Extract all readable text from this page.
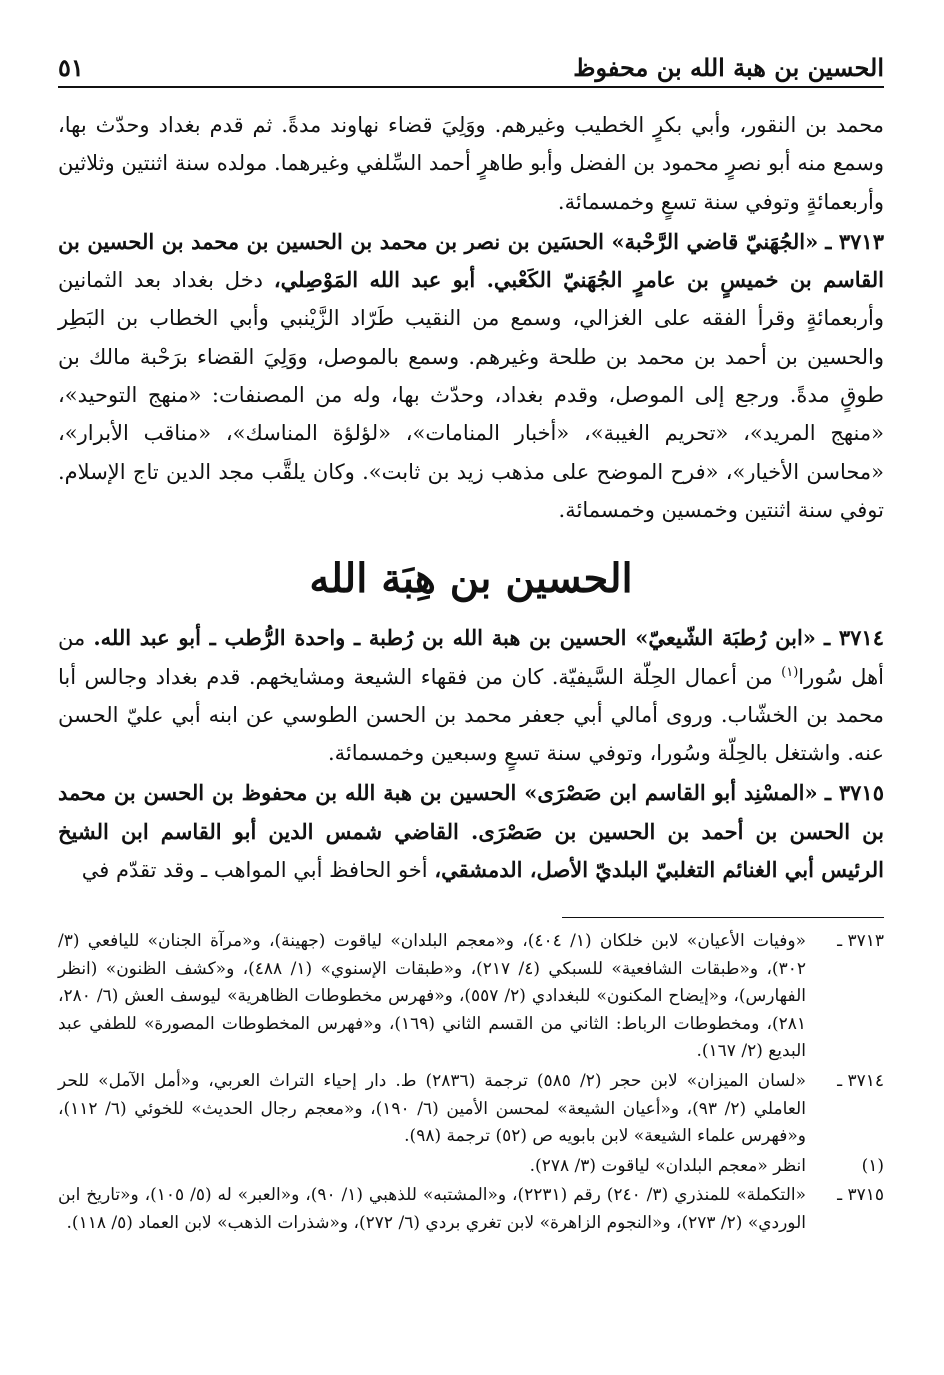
الحسين بن هبة الله بن محفوظ
٥١

محمد بن النقور، وأبي بكرٍ الخطيب وغيرهم. ووَلِيَ قضاء نهاوند مدةً. ثم قدم بغداد وحدّث بها، وسمع منه أبو نصرٍ محمود بن الفضل وأبو طاهرٍ أحمد السِّلفي وغيرهما. مولده سنة اثنتين وثلاثين وأربعمائةٍ وتوفي سنة تسعٍ وخمسمائة.

٣٧١٣ ـ «الجُهَنيّ قاضي الرَّحْبة» الحسَين بن نصر بن محمد بن الحسين بن محمد بن الحسين بن القاسم بن خميسٍ بن عامرٍ الجُهَنيّ الكَعْبي. أبو عبد الله المَوْصِلي، دخل بغداد بعد الثمانين وأربعمائةٍ وقرأ الفقه على الغزالي، وسمع من النقيب طَرّاد الزَّيْنبي وأبي الخطاب بن البَطِر والحسين بن أحمد بن محمد بن طلحة وغيرهم. وسمع بالموصل، ووَلِيَ القضاء برَحْبة مالك بن طوقٍ مدةً. ورجع إلى الموصل، وقدم بغداد، وحدّث بها، وله من المصنفات: «منهج التوحيد»، «منهج المريد»، «تحريم الغيبة»، «أخبار المنامات»، «لؤلؤة المناسك»، «مناقب الأبرار»، «محاسن الأخيار»، «فرح الموضح على مذهب زيد بن ثابت». وكان يلقَّب مجد الدين تاج الإسلام. توفي سنة اثنتين وخمسين وخمسمائة.

الحسين بن هِبَة الله

٣٧١٤ ـ «ابن رُطبَة الشّيعيّ» الحسين بن هبة الله بن رُطبة ـ واحدة الرُّطب ـ أبو عبد الله. من أهل سُورا$^{(١)}$ من أعمال الحِلّة السَّيفيّة. كان من فقهاء الشيعة ومشايخهم. قدم بغداد وجالس أبا محمد بن الخشّاب. وروى أمالي أبي جعفر محمد بن الحسن الطوسي عن ابنه أبي عليّ الحسن عنه. واشتغل بالحِلّة وسُورا، وتوفي سنة تسعٍ وسبعين وخمسمائة.

٣٧١٥ ـ «المسْنِد أبو القاسم ابن صَصْرَى» الحسين بن هبة الله بن محفوظ بن الحسن بن محمد بن الحسن بن أحمد بن الحسين بن صَصْرَى. القاضي شمس الدين أبو القاسم ابن الشيخ الرئيس أبي الغنائم التغلبيّ البلديّ الأصل، الدمشقي، أخو الحافظ أبي المواهب ـ وقد تقدّم في

٣٧١٣ ـ
«وفيات الأعيان» لابن خلكان (١/ ٤٠٤)، و«معجم البلدان» لياقوت (جهينة)، و«مرآة الجنان» لليافعي (٣/ ٣٠٢)، و«طبقات الشافعية» للسبكي (٤/ ٢١٧)، و«طبقات الإسنوي» (١/ ٤٨٨)، و«كشف الظنون» (انظر الفهارس)، و«إيضاح المكنون» للبغدادي (٢/ ٥٥٧)، و«فهرس مخطوطات الظاهرية» ليوسف العش (٦/ ٢٨٠، ٢٨١)، ومخطوطات الرباط: الثاني من القسم الثاني (١٦٩)، و«فهرس المخطوطات المصورة» للطفي عبد البديع (٢/ ١٦٧).
٣٧١٤ ـ
«لسان الميزان» لابن حجر (٢/ ٥٨٥) ترجمة (٢٨٣٦) ط. دار إحياء التراث العربي، و«أمل الآمل» للحر العاملي (٢/ ٩٣)، و«أعيان الشيعة» لمحسن الأمين (٦/ ١٩٠)، و«معجم رجال الحديث» للخوئي (٦/ ١١٢)، و«فهرس علماء الشيعة» لابن بابويه ص (٥٢) ترجمة (٩٨).
(١)
انظر «معجم البلدان» لياقوت (٣/ ٢٧٨).
٣٧١٥ ـ
«التكملة» للمنذري (٣/ ٢٤٠) رقم (٢٢٣١)، و«المشتبه» للذهبي (١/ ٩٠)، و«العبر» له (٥/ ١٠٥)، و«تاريخ ابن الوردي» (٢/ ٢٧٣)، و«النجوم الزاهرة» لابن تغري بردي (٦/ ٢٧٢)، و«شذرات الذهب» لابن العماد (٥/ ١١٨).
